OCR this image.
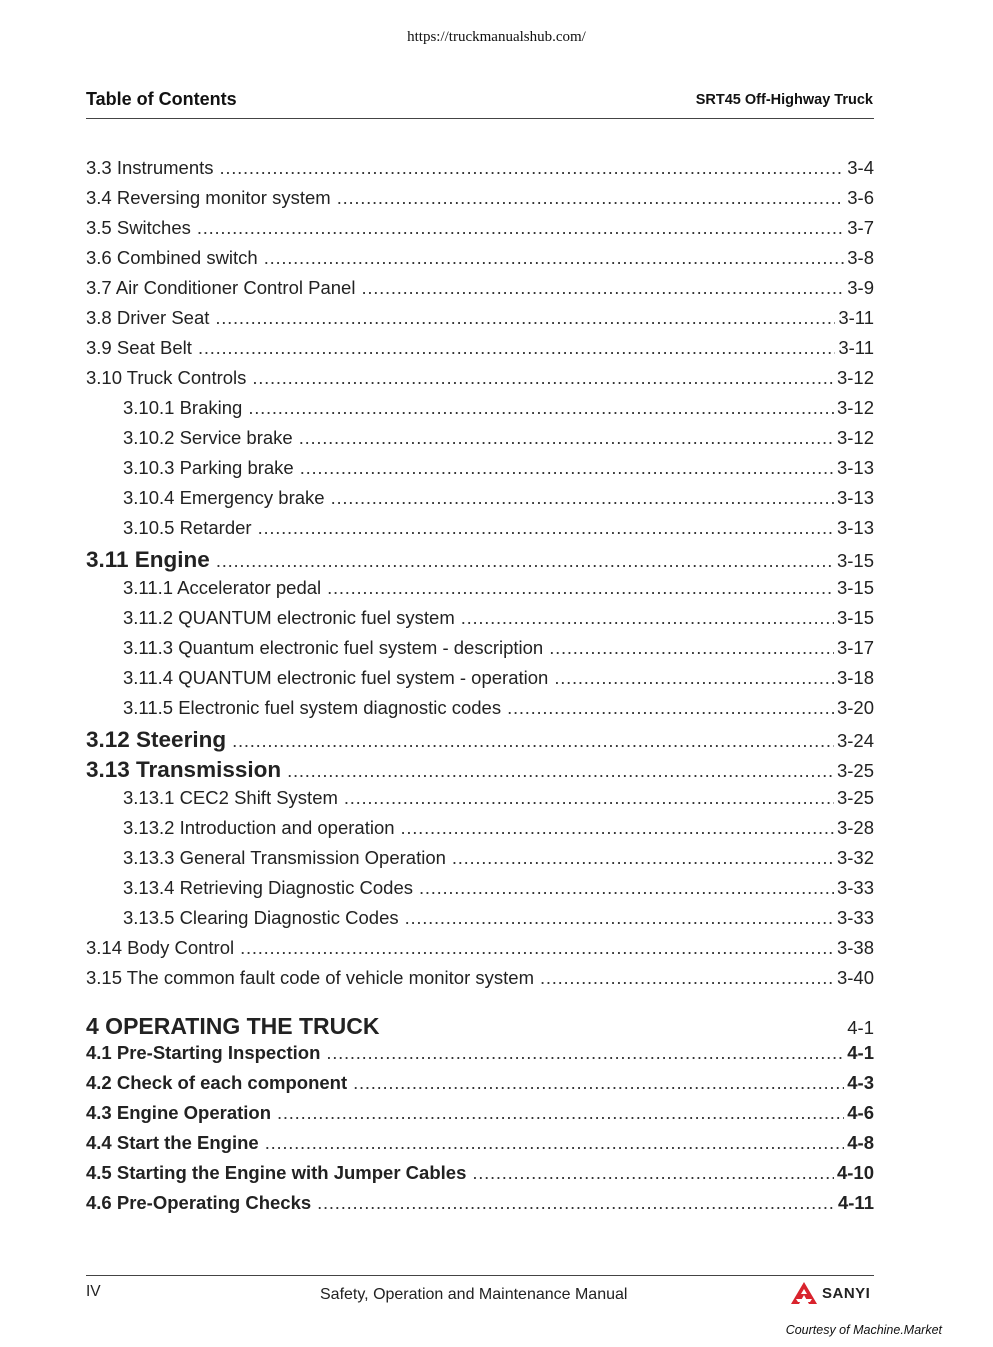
https://truckmanualshub.com/
Table of Contents	SRT45 Off-Highway Truck
3.3 Instruments . . .	3-4
3.4 Reversing monitor system . . .	3-6
3.5 Switches . . .	3-7
3.6 Combined switch . . .	3-8
3.7 Air Conditioner Control Panel . . .	3-9
3.8 Driver Seat . . .	3-11
3.9 Seat Belt . . .	3-11
3.10 Truck Controls . . .	3-12
3.10.1 Braking . . .	3-12
3.10.2 Service brake . . .	3-12
3.10.3 Parking brake . . .	3-13
3.10.4 Emergency brake . . .	3-13
3.10.5 Retarder . . .	3-13
3.11 Engine . . .	3-15
3.11.1 Accelerator pedal . . .	3-15
3.11.2 QUANTUM electronic fuel system . . .	3-15
3.11.3 Quantum electronic fuel system - description . . .	3-17
3.11.4 QUANTUM electronic fuel system - operation . . .	3-18
3.11.5 Electronic fuel system diagnostic codes . . .	3-20
3.12 Steering . . .	3-24
3.13 Transmission . . .	3-25
3.13.1 CEC2 Shift System . . .	3-25
3.13.2 Introduction and operation . . .	3-28
3.13.3 General Transmission Operation . . .	3-32
3.13.4 Retrieving Diagnostic Codes . . .	3-33
3.13.5 Clearing Diagnostic Codes . . .	3-33
3.14 Body Control . . .	3-38
3.15 The common fault code of vehicle monitor system . . .	3-40
4 OPERATING THE TRUCK	4-1
4.1 Pre-Starting Inspection . . .	4-1
4.2 Check of each component . . .	4-3
4.3 Engine Operation . . .	4-6
4.4 Start the Engine . . .	4-8
4.5 Starting the Engine with Jumper Cables . . .	4-10
4.6 Pre-Operating Checks . . .	4-11
IV	Safety, Operation and Maintenance Manual	SANYI
Courtesy of Machine.Market
